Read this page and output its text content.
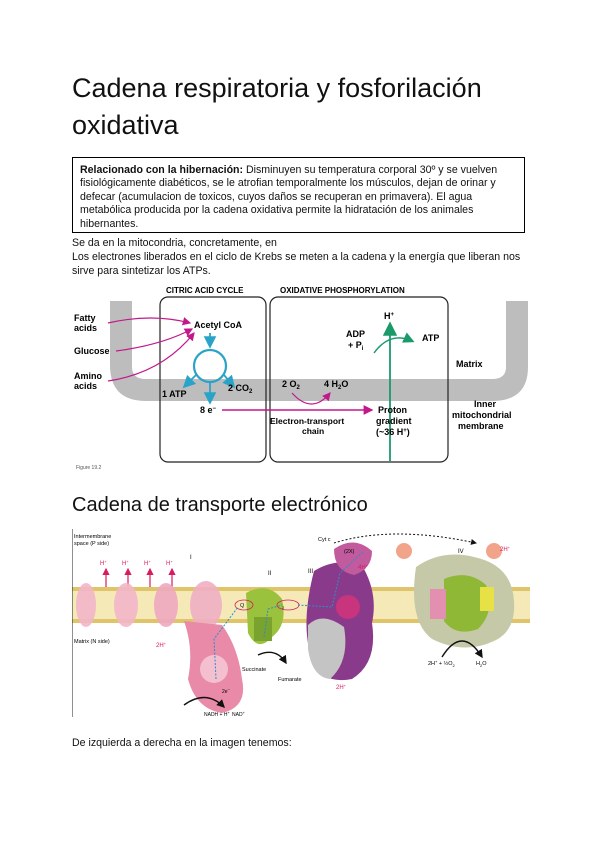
Cadena respiratoria y fosforilación oxidativa
Relacionado con la hibernación: Disminuyen su temperatura corporal 30º y se vuelven fisiológicamente diabéticos, se le atrofian temporalmente los músculos, dejan de orinar y defecar (acumulacion de toxicos, cuyos daños se recuperan en primavera). El agua metabólica producida por la cadena oxidativa permite la hidratación de los animales hibernantes.
Se da en la mitocondria, concretamente, en
Los electrones liberados en el ciclo de Krebs se meten a la cadena y la energía que liberan nos sirve para sintetizar los ATPs.
CITRIC ACID CYCLE	OXIDATIVE PHOSPHORYLATION
Fatty
acids
Glucose
Amino
acids
Acetyl CoA
1 ATP
2 $CO_2$
8 e−
2 $O_2$	4 $H_2O$
Electron-transport
chain
H+
ADP
+ $P_i$
ATP
Proton
gradient
(~36 H+)
Matrix
Inner
mitochondrial
membrane
Figure 19.2
Cadena de transporte electrónico
Intermembrane
space (P side)
Matrix (N side)
H+	H+	H+	H+
I
II	III
IV
Cyt c
(2X)
4H+
2H+
2H+
2H+
Q	$_2$
Succinate
Fumarate
2e−
NADH + H+ NAD+
$2H^+ + \frac{1}{2}O_2$	$H_2O$
De izquierda a derecha en la imagen tenemos:
